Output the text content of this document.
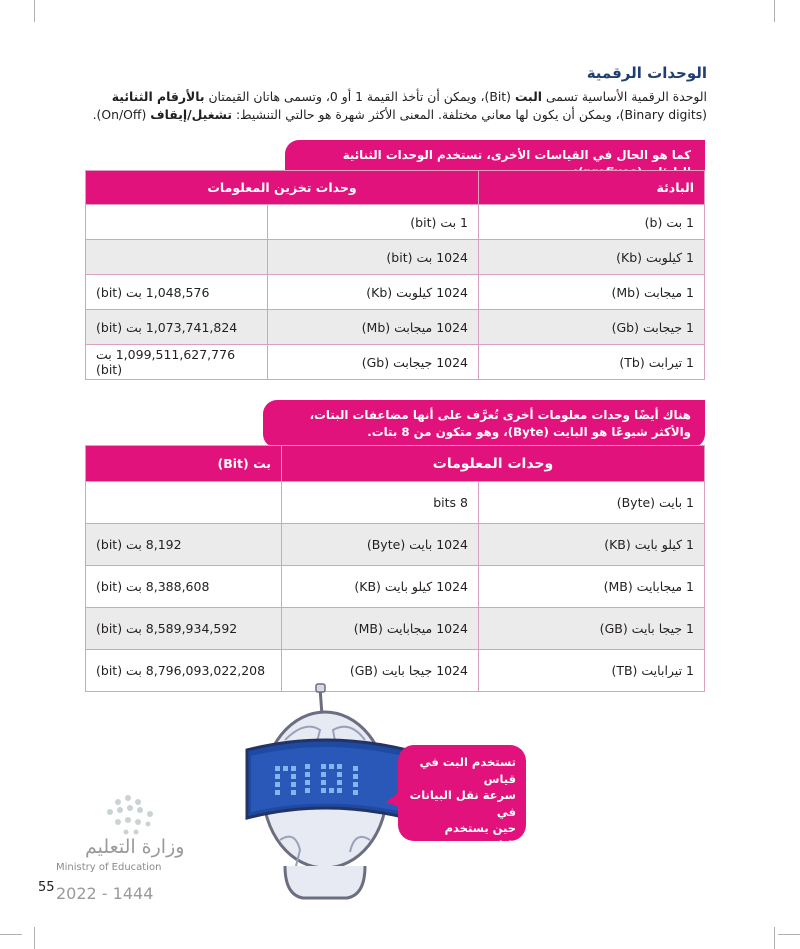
الوحدات الرقمية
الوحدة الرقمية الأساسية تسمى البت (Bit)، ويمكن أن تأخذ القيمة 1 أو 0، وتسمى هاتان القيمتان بالأرقام الثنائية (Binary digits)، ويمكن أن يكون لها معاني مختلفة. المعنى الأكثر شهرة هو حالتي التنشيط: تشغيل/إيقاف (On/Off).
كما هو الحال في القياسات الأخرى، تستخدم الوحدات الثنائية
البادئة	وحدات تخزين المعلومات	
1 بت (b)	1 بت (bit)	
1 كيلوبت (Kb)	1024 بت (bit)	
1 ميجابت (Mb)	1024 كيلوبت (Kb)	1,048,576 بت (bit)
1 جيجابت (Gb)	1024 ميجابت (Mb)	1,073,741,824 بت (bit)
1 تيرابت (Tb)	1024 جيجابت (Gb)	1,099,511,627,776 بت (bit)
هناك أيضًا وحدات معلومات أخرى تُعرَّف على أنها مضاعفات البتات،
والأكثر شيوعًا هو البايت (Byte)، وهو متكون من 8 بتات.
وحدات المعلومات		بت (Bit)
1 بايت (Byte)	8 bits	
1 كيلو بايت (KB)	1024 بايت (Byte)	8,192 بت (bit)
1 ميجابايت (MB)	1024 كيلو بايت (KB)	8,388,608 بت (bit)
1 جيجا بايت (GB)	1024 ميجابايت (MB)	8,589,934,592 بت (bit)
1 تيرابايت (TB)	1024 جيجا بايت (GB)	8,796,093,022,208 بت (bit)
تستخدم البت في قياس
سرعة نقل البيانات في
حين يستخدم البايت
في قياس سعة التخزين.
وزارة التعليم
Ministry of Education
55 2022 - 1444
